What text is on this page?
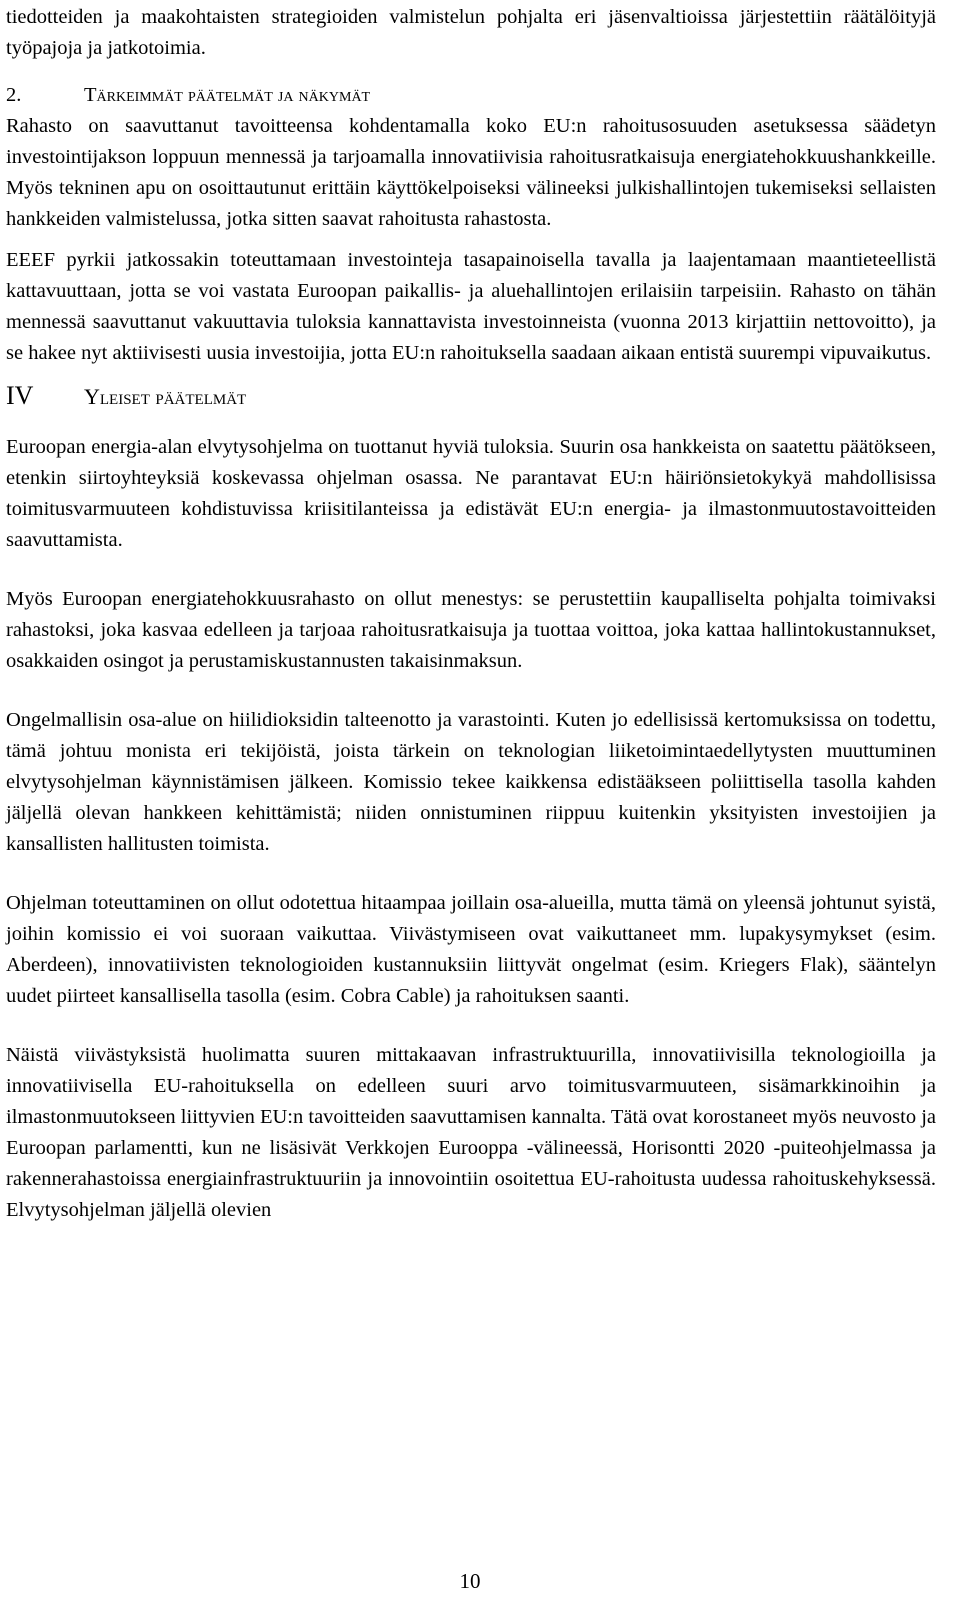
tiedotteiden ja maakohtaisten strategioiden valmistelun pohjalta eri jäsenvaltioissa järjestettiin räätälöityjä työpajoja ja jatkotoimia.

2.	Tärkeimmät päätelmät ja näkymät

Rahasto on saavuttanut tavoitteensa kohdentamalla koko EU:n rahoitusosuuden asetuksessa säädetyn investointijakson loppuun mennessä ja tarjoamalla innovatiivisia rahoitusratkaisuja energiatehokkuushankkeille. Myös tekninen apu on osoittautunut erittäin käyttökelpoiseksi välineeksi julkishallintojen tukemiseksi sellaisten hankkeiden valmistelussa, jotka sitten saavat rahoitusta rahastosta.

EEEF pyrkii jatkossakin toteuttamaan investointeja tasapainoisella tavalla ja laajentamaan maantieteellistä kattavuuttaan, jotta se voi vastata Euroopan paikallis- ja aluehallintojen erilaisiin tarpeisiin. Rahasto on tähän mennessä saavuttanut vakuuttavia tuloksia kannattavista investoinneista (vuonna 2013 kirjattiin nettovoitto), ja se hakee nyt aktiivisesti uusia investoijia, jotta EU:n rahoituksella saadaan aikaan entistä suurempi vipuvaikutus.

IV	Yleiset päätelmät

Euroopan energia-alan elvytysohjelma on tuottanut hyviä tuloksia. Suurin osa hankkeista on saatettu päätökseen, etenkin siirtoyhteyksiä koskevassa ohjelman osassa. Ne parantavat EU:n häiriönsietokykyä mahdollisissa toimitusvarmuuteen kohdistuvissa kriisitilanteissa ja edistävät EU:n energia- ja ilmastonmuutostavoitteiden saavuttamista.

Myös Euroopan energiatehokkuusrahasto on ollut menestys: se perustettiin kaupalliselta pohjalta toimivaksi rahastoksi, joka kasvaa edelleen ja tarjoaa rahoitusratkaisuja ja tuottaa voittoa, joka kattaa hallintokustannukset, osakkaiden osingot ja perustamiskustannusten takaisinmaksun.

Ongelmallisin osa-alue on hiilidioksidin talteenotto ja varastointi. Kuten jo edellisissä kertomuksissa on todettu, tämä johtuu monista eri tekijöistä, joista tärkein on teknologian liiketoimintaedellytysten muuttuminen elvytysohjelman käynnistämisen jälkeen. Komissio tekee kaikkensa edistääkseen poliittisella tasolla kahden jäljellä olevan hankkeen kehittämistä; niiden onnistuminen riippuu kuitenkin yksityisten investoijien ja kansallisten hallitusten toimista.

Ohjelman toteuttaminen on ollut odotettua hitaampaa joillain osa-alueilla, mutta tämä on yleensä johtunut syistä, joihin komissio ei voi suoraan vaikuttaa. Viivästymiseen ovat vaikuttaneet mm. lupakysymykset (esim. Aberdeen), innovatiivisten teknologioiden kustannuksiin liittyvät ongelmat (esim. Kriegers Flak), sääntelyn uudet piirteet kansallisella tasolla (esim. Cobra Cable) ja rahoituksen saanti.

Näistä viivästyksistä huolimatta suuren mittakaavan infrastruktuurilla, innovatiivisilla teknologioilla ja innovatiivisella EU-rahoituksella on edelleen suuri arvo toimitusvarmuuteen, sisämarkkinoihin ja ilmastonmuutokseen liittyvien EU:n tavoitteiden saavuttamisen kannalta. Tätä ovat korostaneet myös neuvosto ja Euroopan parlamentti, kun ne lisäsivät Verkkojen Eurooppa -välineessä, Horisontti 2020 -puiteohjelmassa ja rakennerahastoissa energiainfrastruktuuriin ja innovointiin osoitettua EU-rahoitusta uudessa rahoituskehyksessä. Elvytysohjelman jäljellä olevien

10
